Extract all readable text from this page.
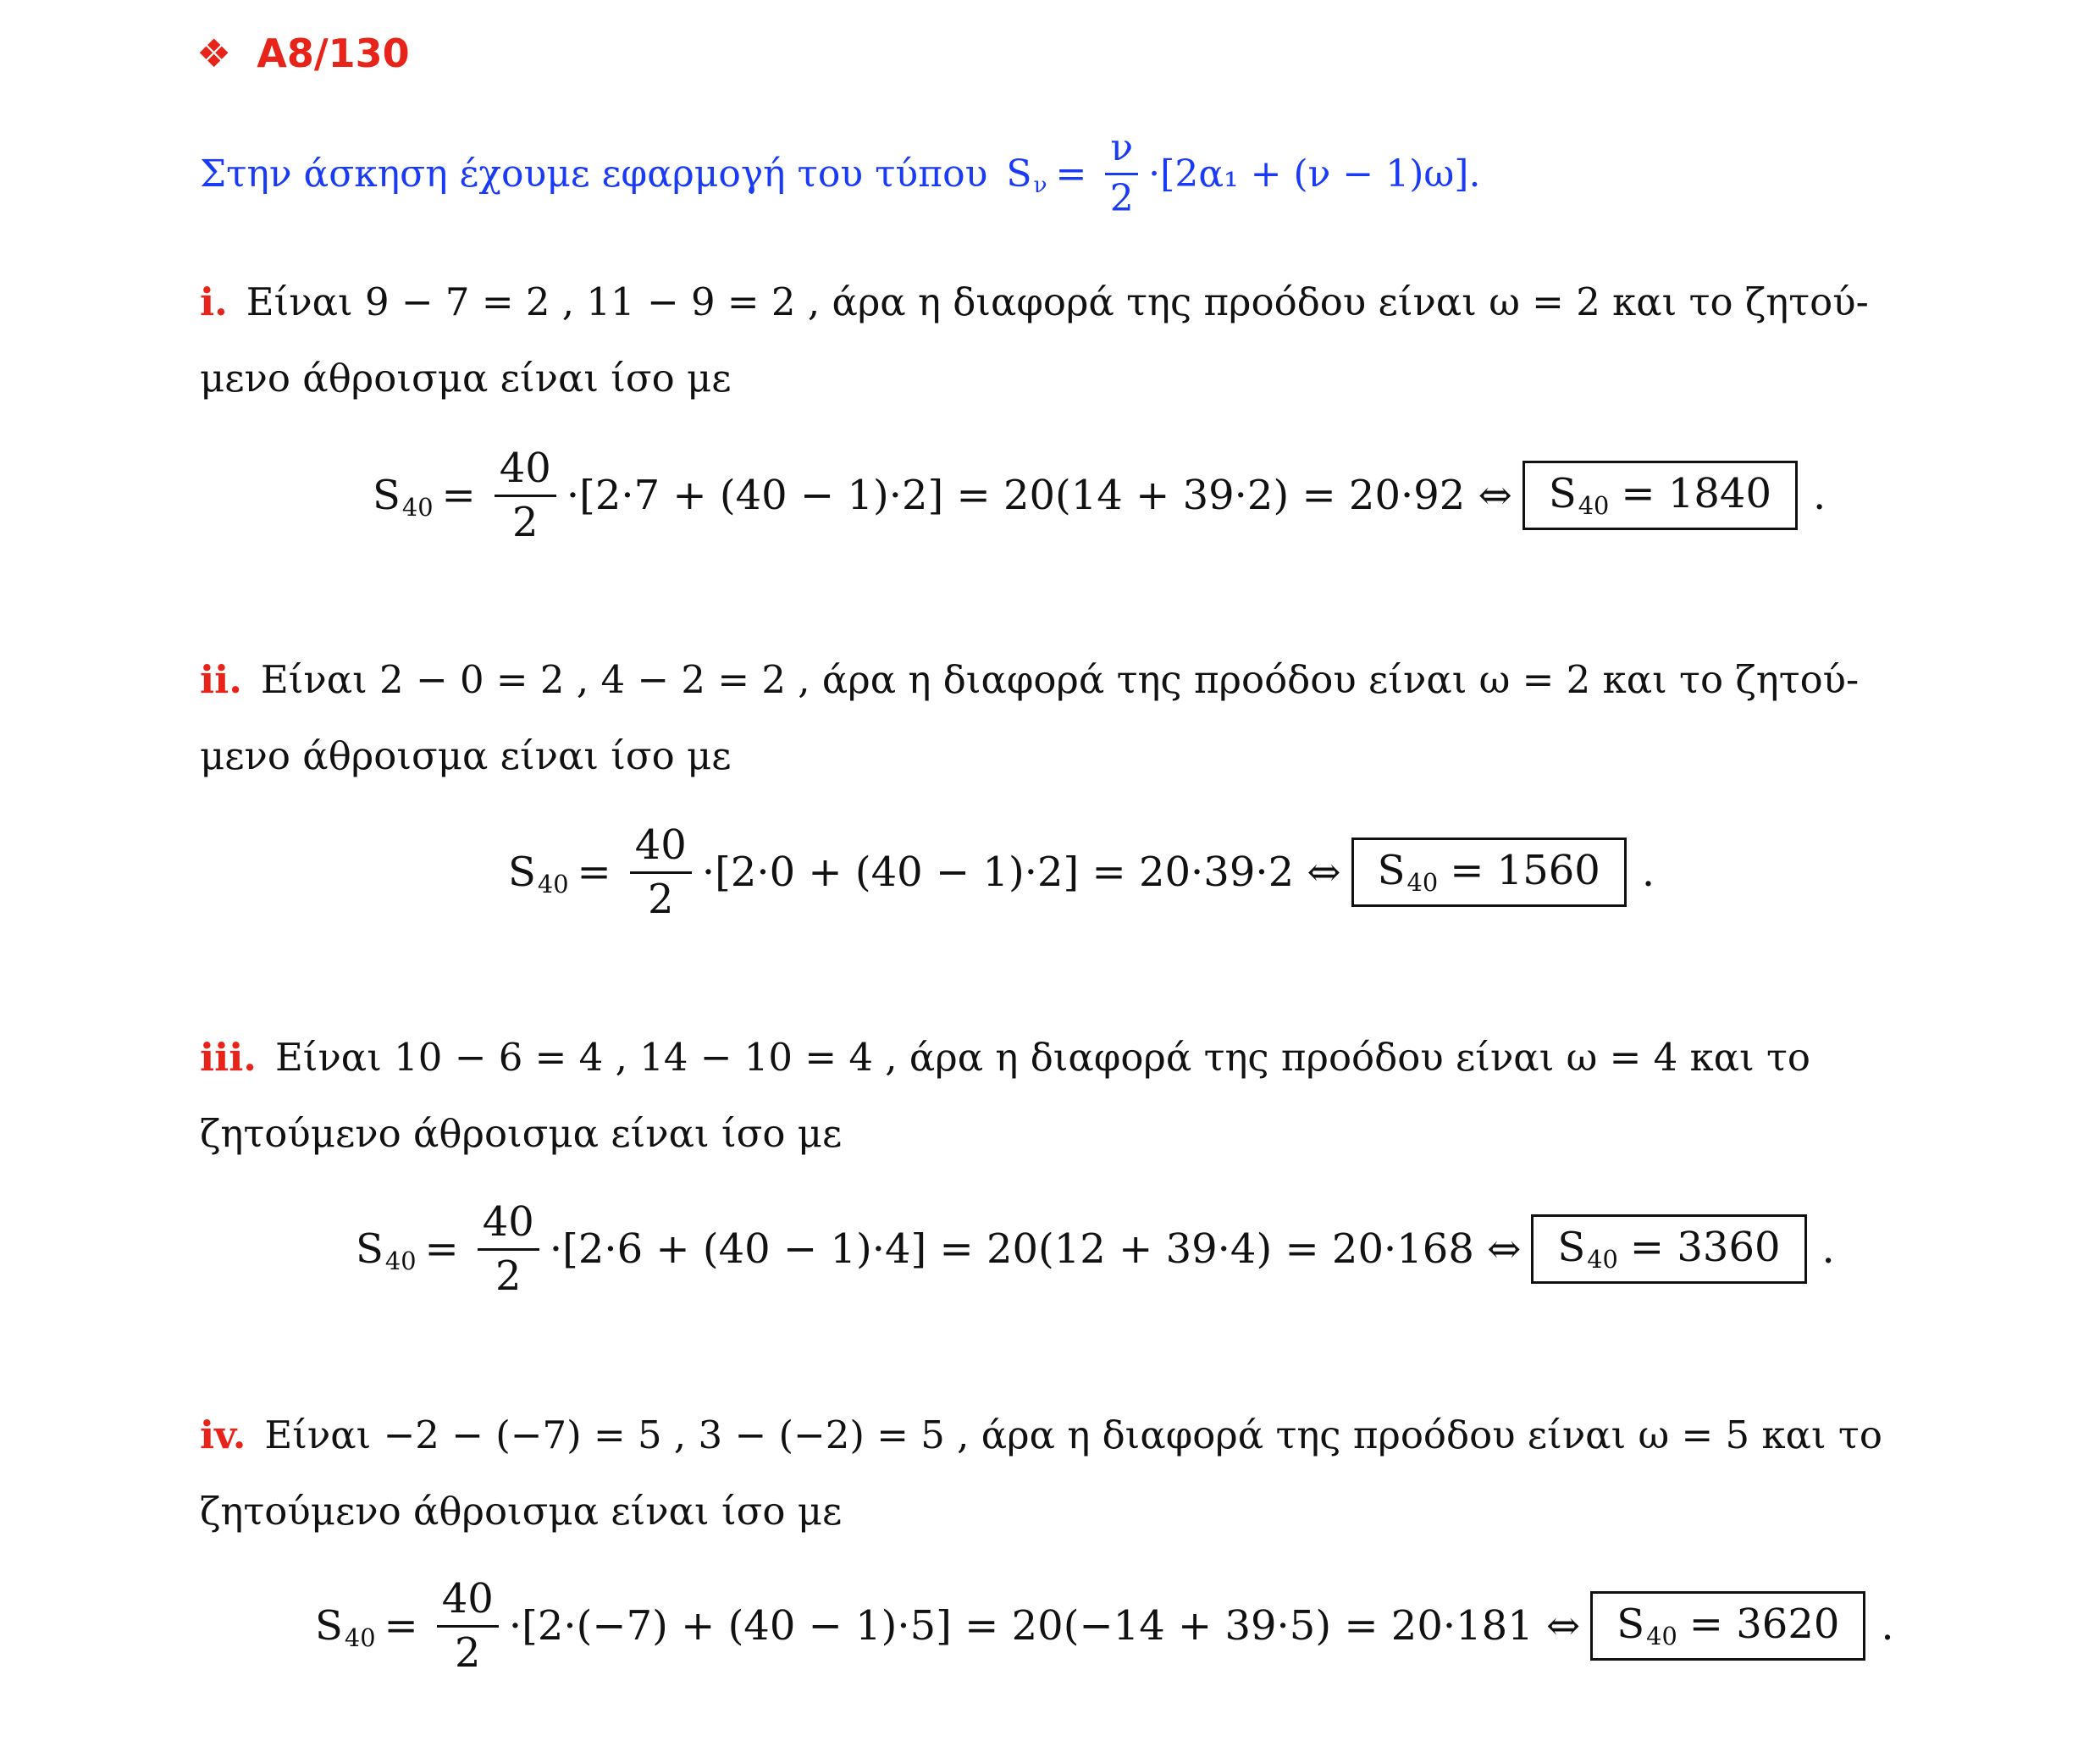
❖ Α8/130
Στην άσκηση έχουμε εφαρμογή του τύπου S $\nu = \frac{\nu}{2} \cdot[2\alpha_1 + (\nu - 1)\omega]$.
i. Είναι 9 − 7 = 2 , 11 − 9 = 2 , άρα η διαφορά της προόδου είναι ω = 2 και το ζητού-
μενο άθροισμα είναι ίσο με
S $40 = \frac{40}{2} \cdot[2\cdot 7 + (40 - 1)\cdot 2] = 20(14 + 39\cdot 2) = 20\cdot 92$ ⇔ S 40 = 1840 .
ii. Είναι 2 − 0 = 2 , 4 − 2 = 2 , άρα η διαφορά της προόδου είναι ω = 2 και το ζητού-
μενο άθροισμα είναι ίσο με
S $40 = \frac{40}{2} \cdot[2\cdot 0 + (40 - 1)\cdot 2] = 20\cdot 39\cdot 2$ ⇔ S 40 = 1560 .
iii. Είναι 10 − 6 = 4 , 14 − 10 = 4 , άρα η διαφορά της προόδου είναι ω = 4 και το
ζητούμενο άθροισμα είναι ίσο με
S $40 = \frac{40}{2} \cdot[2\cdot 6 + (40 - 1)\cdot 4] = 20(12 + 39\cdot 4) = 20\cdot 168$ ⇔ S 40 = 3360 .
iv. Είναι −2 − (−7) = 5 , 3 − (−2) = 5 , άρα η διαφορά της προόδου είναι ω = 5 και το
ζητούμενο άθροισμα είναι ίσο με
S $40 = \frac{40}{2} \cdot[2\cdot(-7) + (40 - 1)\cdot 5] = 20(-14 + 39\cdot 5) = 20\cdot 181$ ⇔ S 40 = 3620 .
